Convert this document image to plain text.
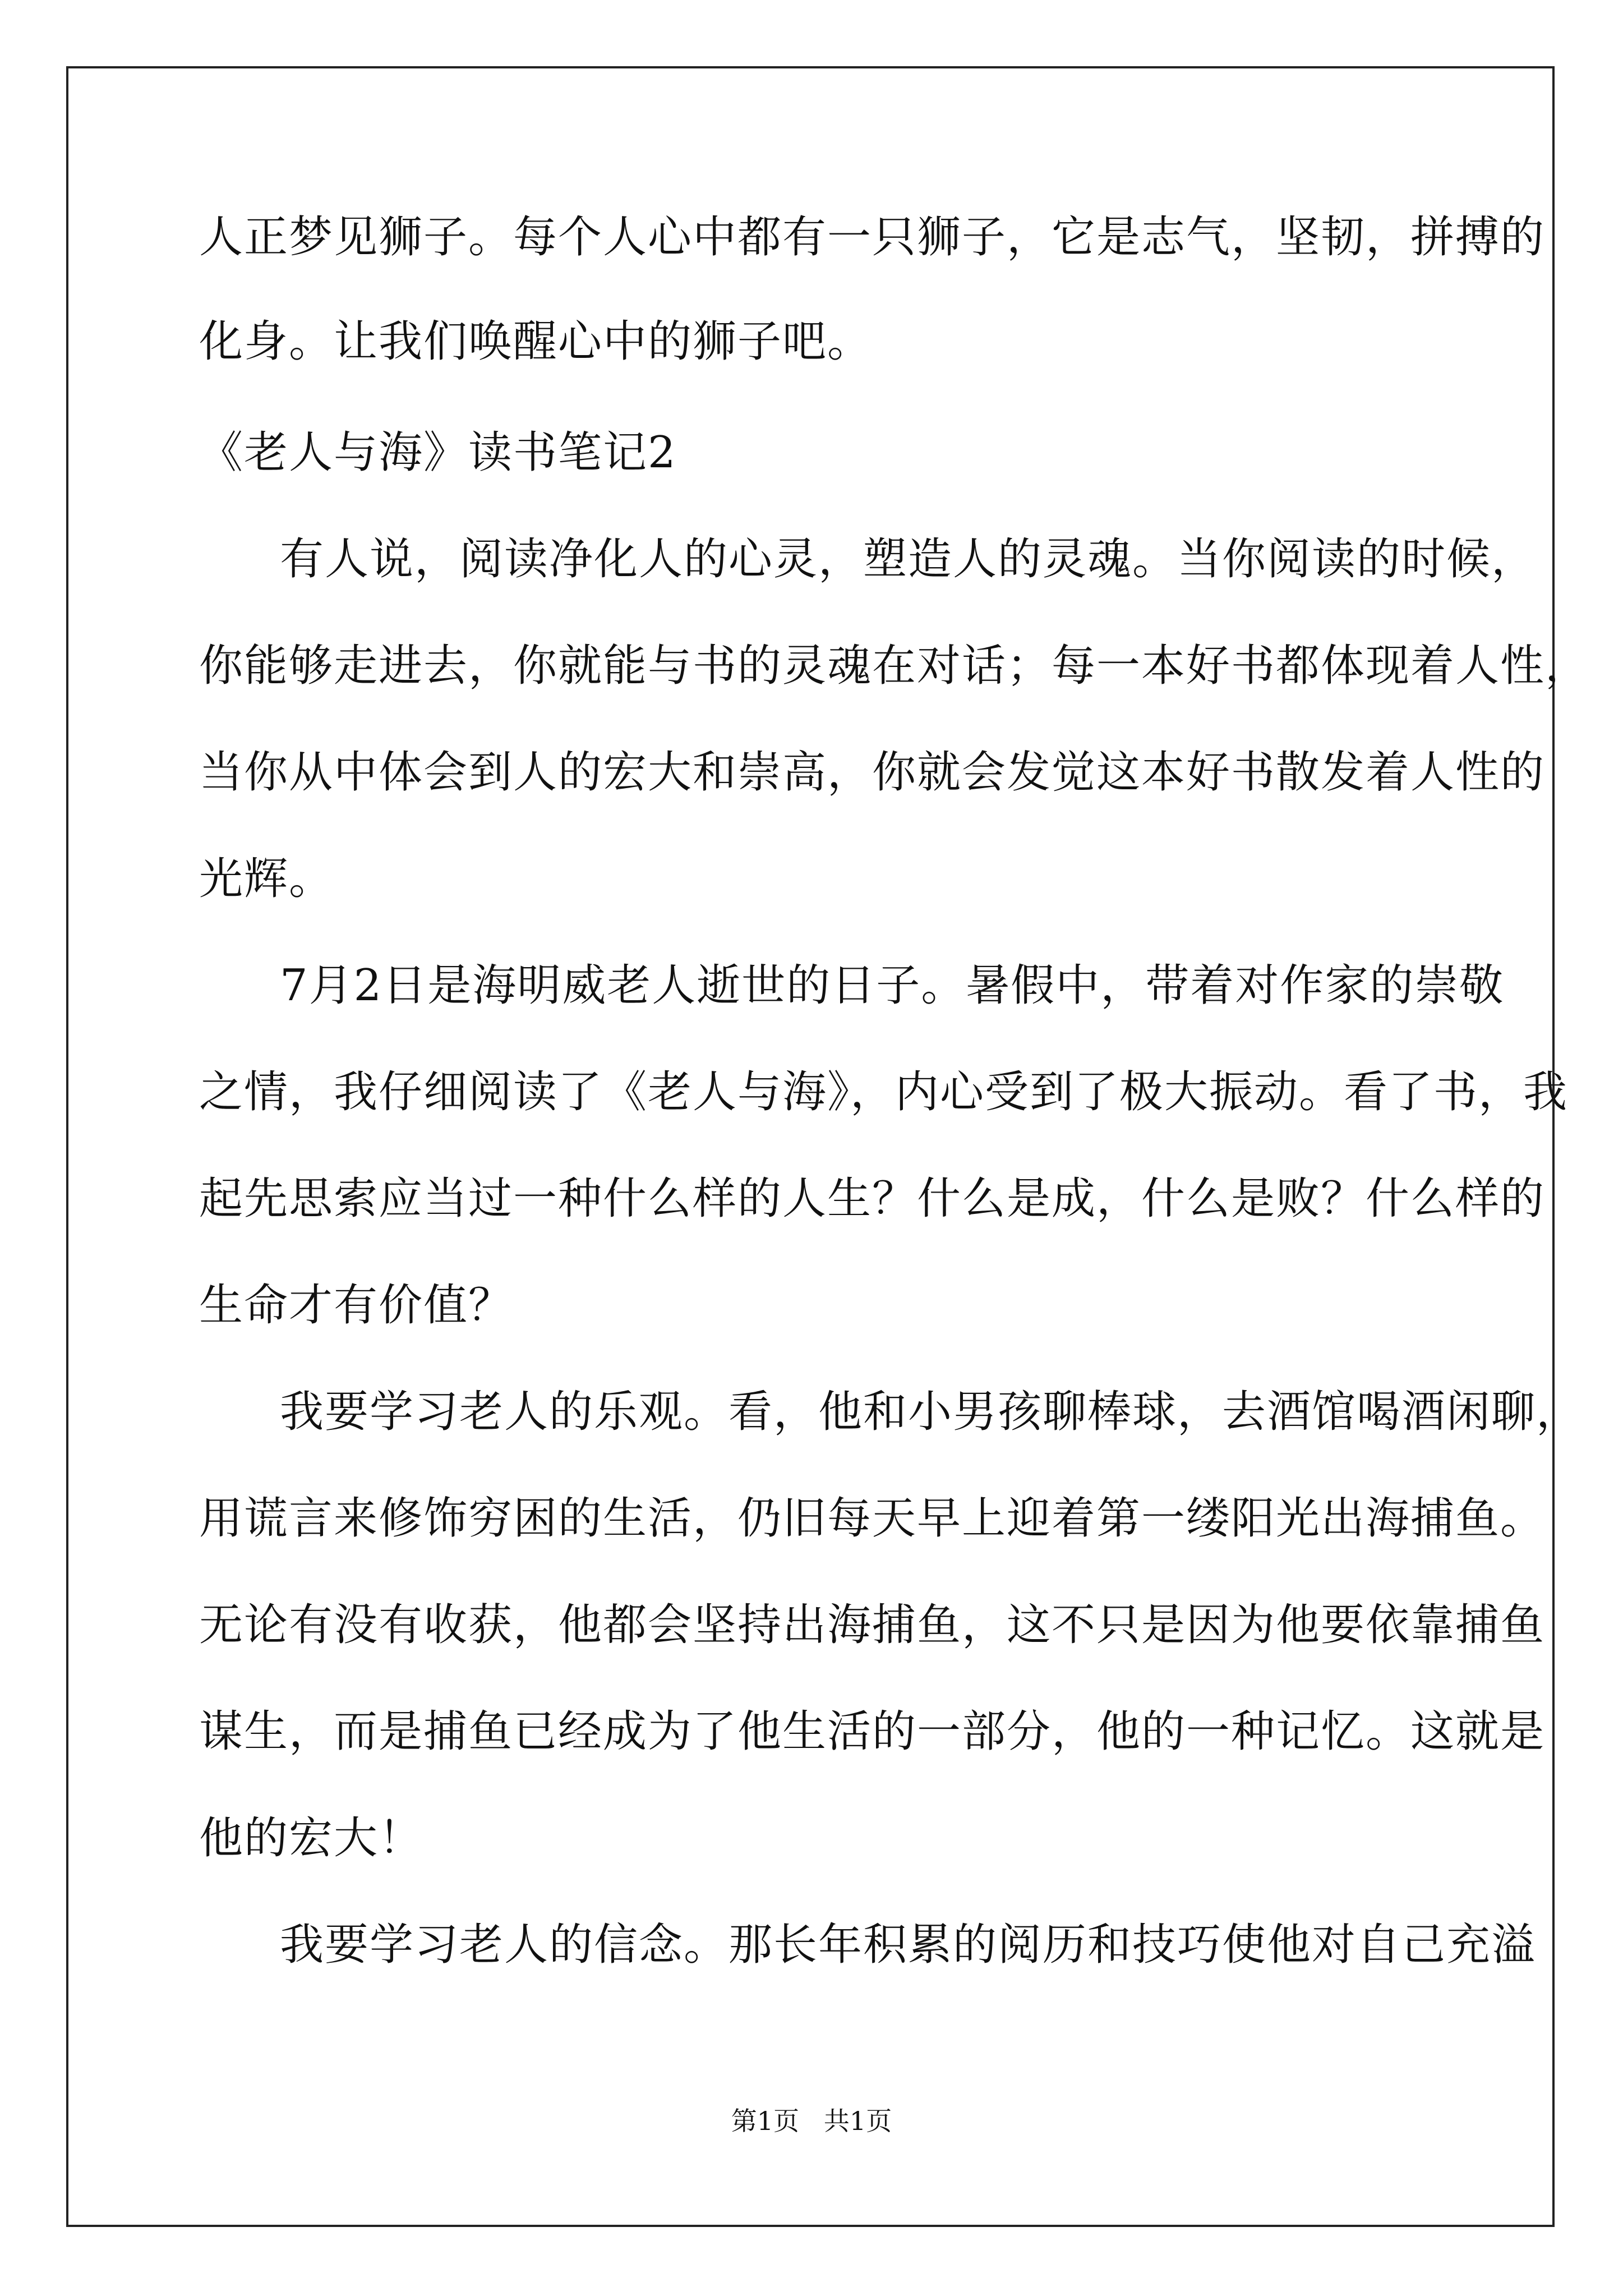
人正梦见狮子。每个人心中都有一只狮子，它是志气，坚韧，拼搏的
化身。让我们唤醒心中的狮子吧。
《老人与海》读书笔记2
有人说，阅读净化人的心灵，塑造人的灵魂。当你阅读的时候，
你能够走进去，你就能与书的灵魂在对话；每一本好书都体现着人性，
当你从中体会到人的宏大和崇高，你就会发觉这本好书散发着人性的
光辉。
7月2日是海明威老人逝世的日子。暑假中，带着对作家的崇敬
之情，我仔细阅读了《老人与海》，内心受到了极大振动。看了书，我
起先思索应当过一种什么样的人生？什么是成，什么是败？什么样的
生命才有价值？
我要学习老人的乐观。看，他和小男孩聊棒球，去酒馆喝酒闲聊，
用谎言来修饰穷困的生活，仍旧每天早上迎着第一缕阳光出海捕鱼。
无论有没有收获，他都会坚持出海捕鱼，这不只是因为他要依靠捕鱼
谋生，而是捕鱼已经成为了他生活的一部分，他的一种记忆。这就是
他的宏大！
我要学习老人的信念。那长年积累的阅历和技巧使他对自己充溢
第1页   共1页
